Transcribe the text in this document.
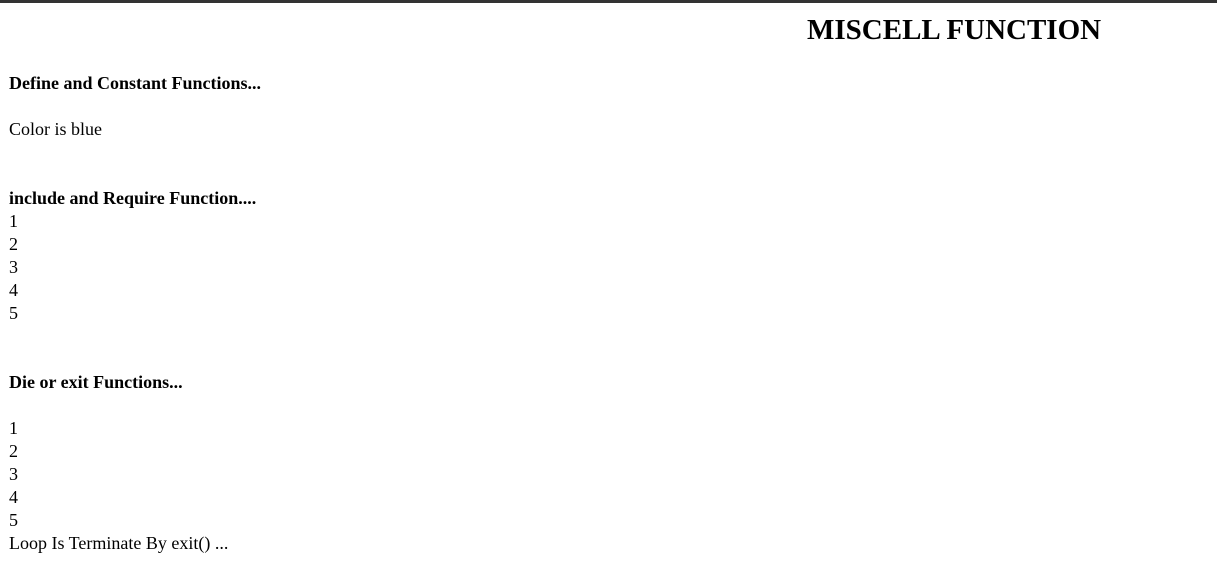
MISCELL FUNCTION
Define and Constant Functions...
Color is blue
include and Require Function....
1
2
3
4
5
Die or exit Functions...
1
2
3
4
5
Loop Is Terminate By exit() ...
